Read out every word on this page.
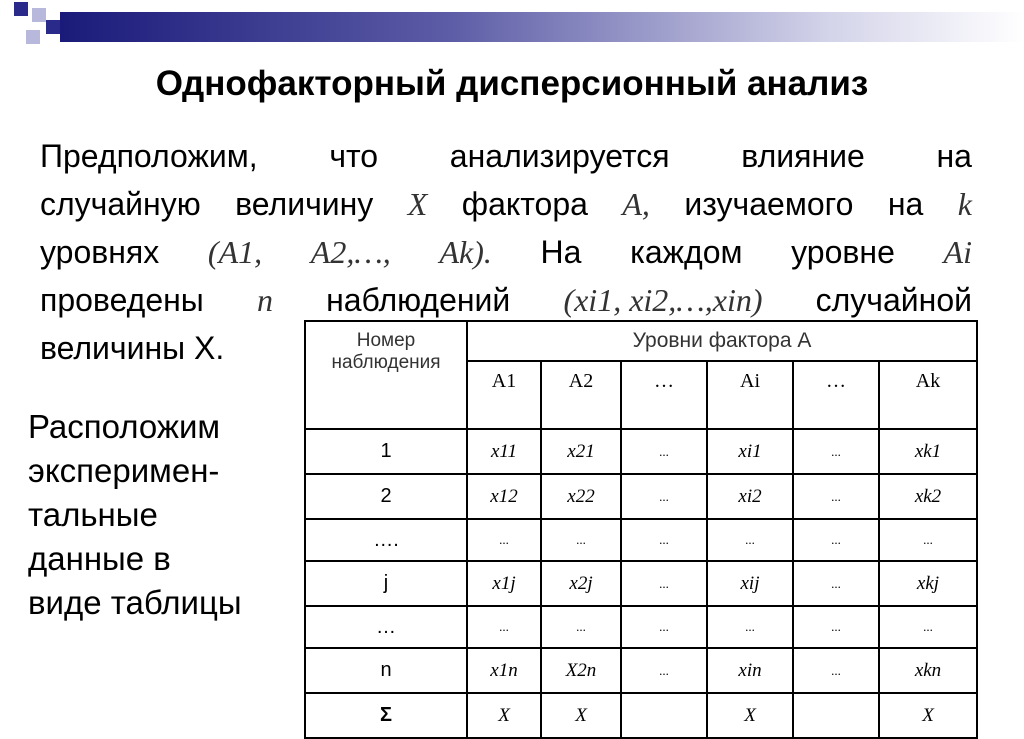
Однофакторный дисперсионный анализ
Предположим, что анализируется влияние на
случайную величину X фактора A, изучаемого на k
уровнях (A1, A2,…, Ak). На каждом уровне Ai
проведены n наблюдений (xi1, xi2,…,xin) случайной
величины X.
Расположим
эксперимен-
тальные
данные в
виде таблицы
Номер наблюдения	Уровни фактора А					
	A1	A2	…	Ai	…	Ak
1	x11	x21	...	xi1	...	xk1
2	x12	x22	...	xi2	...	xk2
….	...	...	...	...	...	...
j	x1j	x2j	...	xij	...	xkj
…	...	...	...	...	...	...
n	x1n	X2n	...	xin	...	xkn
Σ	X	X		X		X
